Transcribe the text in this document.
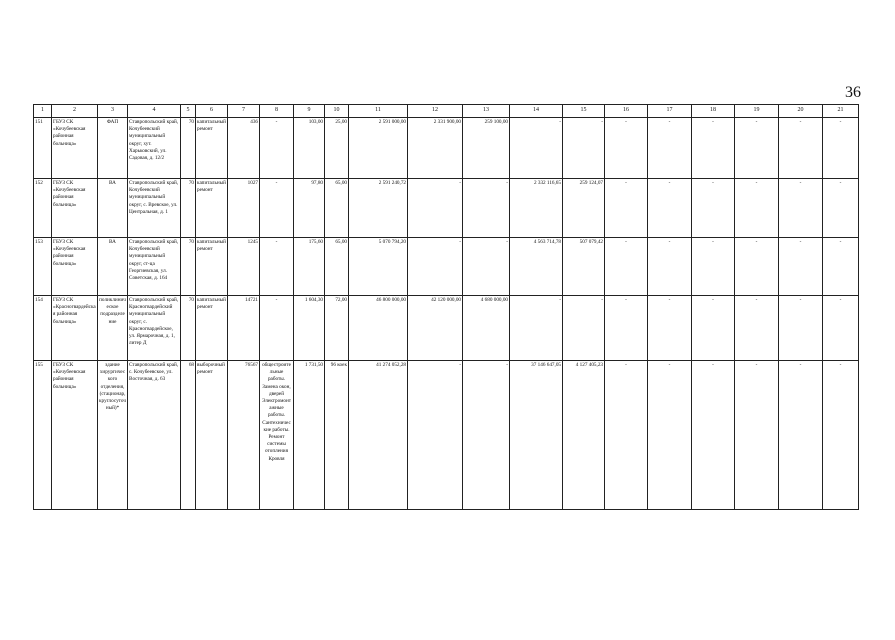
36
1	2	3	4	5	6	7	8	9	10	11	12	13	14	15	16	17	18	19	20	21
151	ГБУЗ СК «Кочубеевская районная больница»	ФАП	Ставропольский край, Кочубеевский муниципальный округ, хут. Харьковский, ул. Садовая, д. 12/2	70	капитальный ремонт	436	-	103,00	25,00	2 591 000,00	2 331 900,00	259 100,00	-	-	-	-	-	-	-	-
152	ГБУЗ СК «Кочубеевская районная больница»	ВА	Ставропольский край, Кочубеевский муниципальный округ, с. Вревское, ул. Центральная, д. 1	70	капитальный ремонт	1027	-	97,80	65,00	2 591 240,72	-	-	2 332 116,65	259 124,07	-	-	-	-	-	-
153	ГБУЗ СК «Кочубеевская районная больница»	ВА	Ставропольский край, Кочубеевский муниципальный округ, ст-ца Георгиевская, ул. Советская, д. 164	70	капитальный ремонт	1245	-	175,60	65,00	5 070 794,20	-	-	4 563 714,78	507 079,42	-	-	-	-	-	-
154	ГБУЗ СК «Красногвардейская районная больница»	поликлиническое подразделение	Ставропольский край, Красногвардейский муниципальный округ, с. Красногвардейское, ул. Ярмарочная, д. 1, литер Д	70	капитальный ремонт	14721	-	1 604,30	72,00	46 800 000,00	42 120 000,00	4 680 000,00	-	-	-	-	-	-	-	-
155	ГБУЗ СК «Кочубеевская районная больница»	здание хирургического отделения, (стационар, круглосуточный)*	Ставропольский край, с. Кочубеевское, ул. Восточная, д. 63	68	выборочный ремонт	76567	общестроительные работы. Замена окон, дверей Электромонтажные работы. Сантехнические работы. Ремонт системы отопления Кровля	1 731,50	96 коек	41 274 052,28	-	-	37 146 647,05	4 127 405,23	-	-	-	-	-	-
